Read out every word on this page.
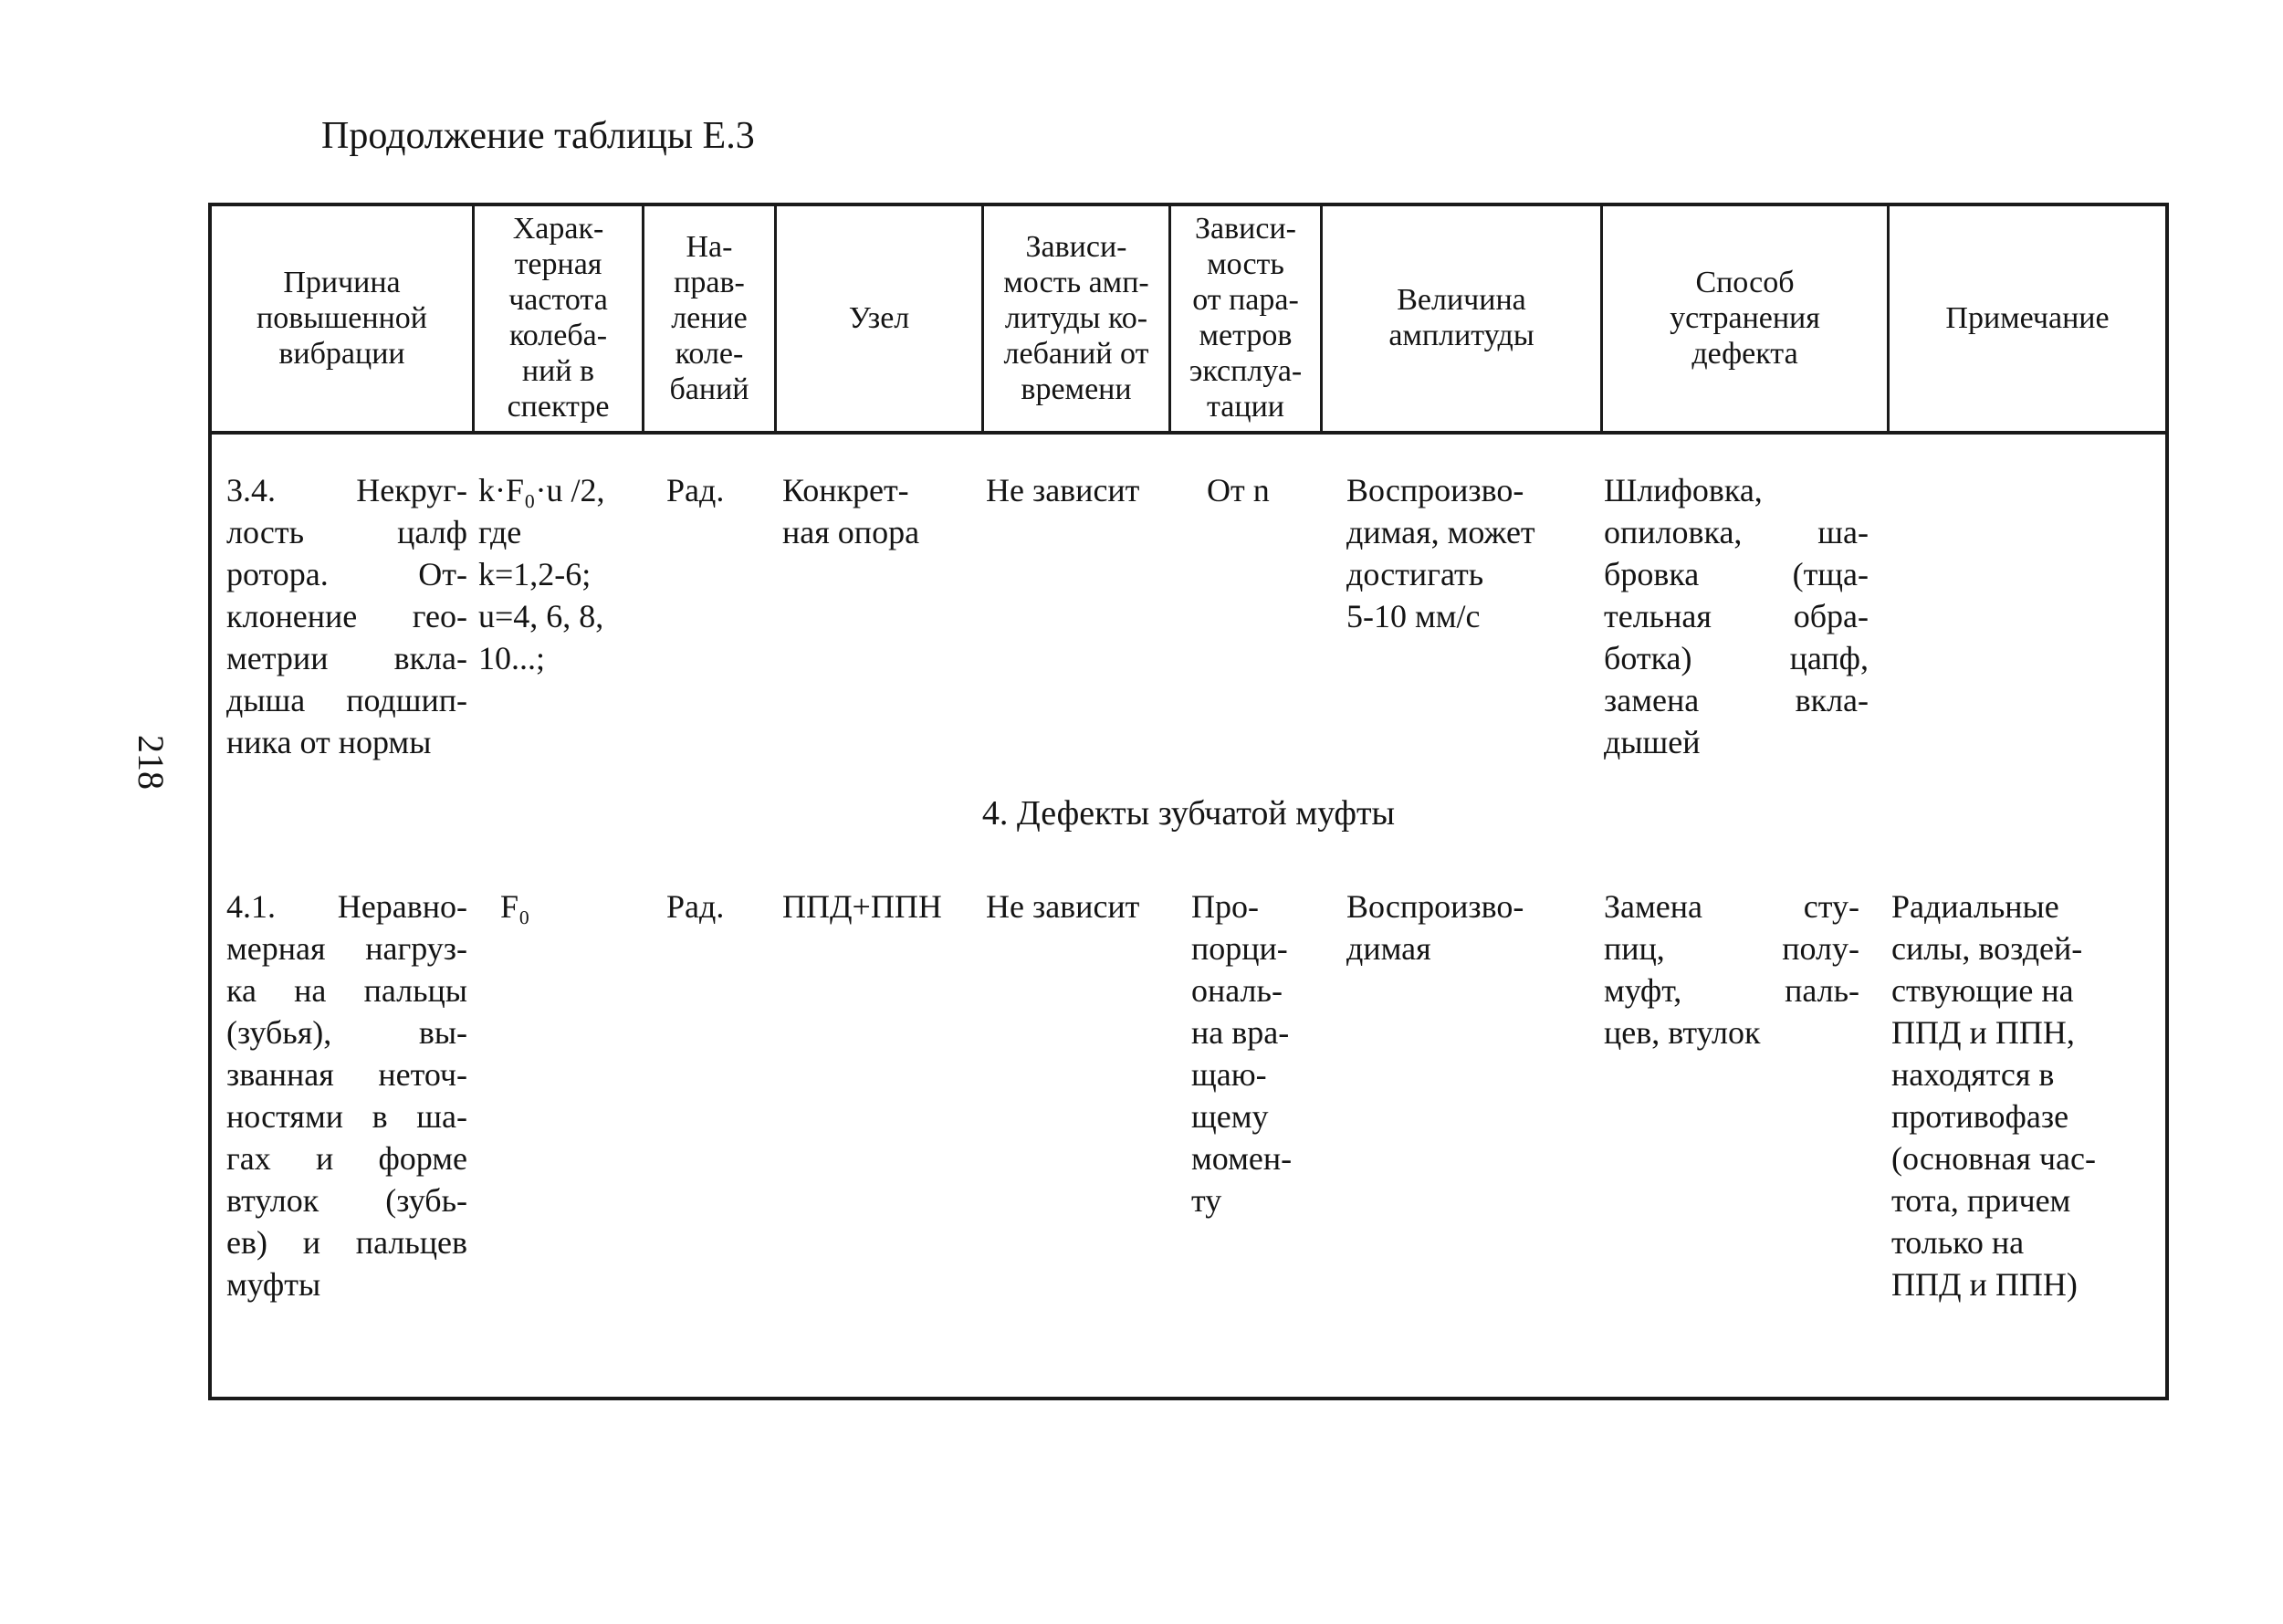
Продолжение таблицы Е.3
218
Причина
повышенной
вибрации
Харак-
терная
частота
колеба-
ний в
спектре
На-
прав-
ление
коле-
баний
Узел
Зависи-
мость амп-
литуды ко-
лебаний от
времени
Зависи-
мость
от пара-
метров
эксплуа-
тации
Величина
амплитуды
Способ
устранения
дефекта
Примечание
3.4. Некруг-
лость цалф
ротора. От-
клонение гео-
метрии вкла-
дыша подшип-
ника от нормы
k·F₀·u /2,
где
k=1,2-6;
u=4, 6, 8,
10...;
Рад. Конкрет-
ная опора
Не зависит От n Воспроизво-
димая, может
достигать
5-10 мм/с
Шлифовка,
опиловка, ша-
бровка (тща-
тельная обра-
ботка) цапф,
замена вкла-
дышей
4. Дефекты зубчатой муфты
4.1. Неравно-
мерная нагруз-
ка на пальцы
(зубья), вы-
званная неточ-
ностями в ша-
гах и форме
втулок (зубь-
ев) и пальцев
муфты
F₀	Рад. ППД+ППН Не зависит Про-
порци-
ональ-
на вра-
щаю-
щему
момен-
ту
Воспроизво-
димая
Замена сту-
пиц, полу-
муфт, паль-
цев, втулок
Радиальные
силы, воздей-
ствующие на
ППД и ППН,
находятся в
противофазе
(основная час-
тота, причем
только на
ППД и ППН)
